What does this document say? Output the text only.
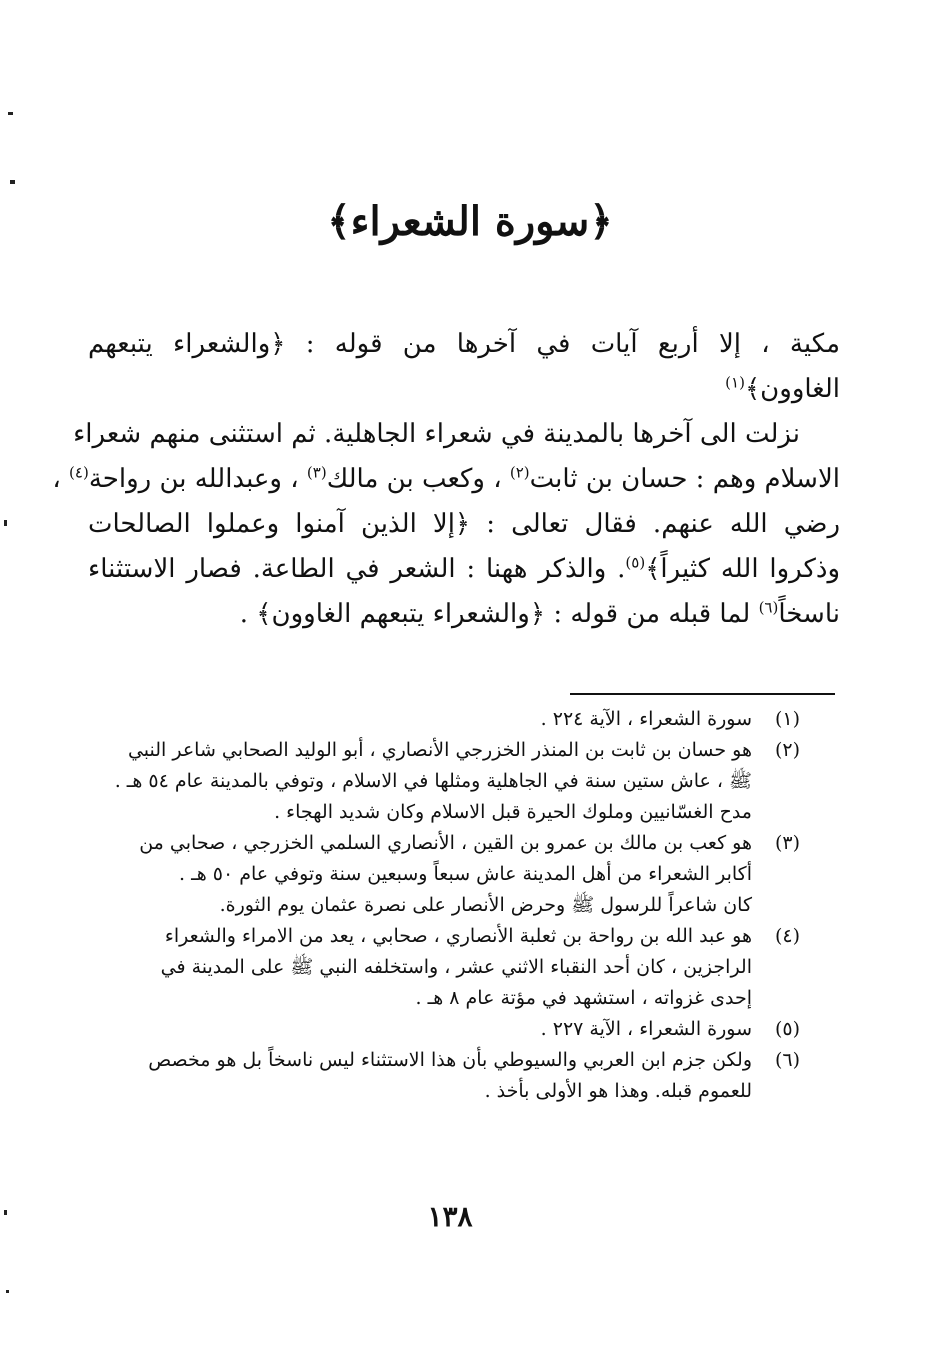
﴿سورة الشعراء﴾
مكية ، إلا أربع آيات في آخرها من قوله : ﴿والشعراء يتبعهم
الغاوون﴾$^{(١)}$
نزلت الى آخرها بالمدينة في شعراء الجاهلية. ثم استثنى منهم شعراء
الاسلام وهم : حسان بن ثابت$^{(٢)}$ ، وكعب بن مالك$^{(٣)}$ ، وعبدالله بن رواحة$^{(٤)}$ ،
رضي الله عنهم. فقال تعالى : ﴿إلا الذين آمنوا وعملوا الصالحات
وذكروا الله كثيراً﴾$^{(٥)}$. والذكر ههنا : الشعر في الطاعة. فصار الاستثناء
ناسخاً$^{(٦)}$ لما قبله من قوله : ﴿والشعراء يتبعهم الغاوون﴾ .
(١)
سورة الشعراء ، الآية ٢٢٤ .
(٢)
هو حسان بن ثابت بن المنذر الخزرجي الأنصاري ، أبو الوليد الصحابي شاعر النبي
ﷺ ، عاش ستين سنة في الجاهلية ومثلها في الاسلام ، وتوفي بالمدينة عام ٥٤ هـ .
مدح الغسّانيين وملوك الحيرة قبل الاسلام وكان شديد الهجاء .
(٣)
هو كعب بن مالك بن عمرو بن القين ، الأنصاري السلمي الخزرجي ، صحابي من
أكابر الشعراء من أهل المدينة عاش سبعاً وسبعين سنة وتوفي عام ٥٠ هـ .
كان شاعراً للرسول ﷺ وحرض الأنصار على نصرة عثمان يوم الثورة.
(٤)
هو عبد الله بن رواحة بن ثعلبة الأنصاري ، صحابي ، يعد من الامراء والشعراء
الراجزين ، كان أحد النقباء الاثني عشر ، واستخلفه النبي ﷺ على المدينة في
إحدى غزواته ، استشهد في مؤتة عام ٨ هـ .
(٥)
سورة الشعراء ، الآية ٢٢٧ .
(٦)
ولكن جزم ابن العربي والسيوطي بأن هذا الاستثناء ليس ناسخاً بل هو مخصص
للعموم قبله. وهذا هو الأولى بأخذ .
١٣٨
